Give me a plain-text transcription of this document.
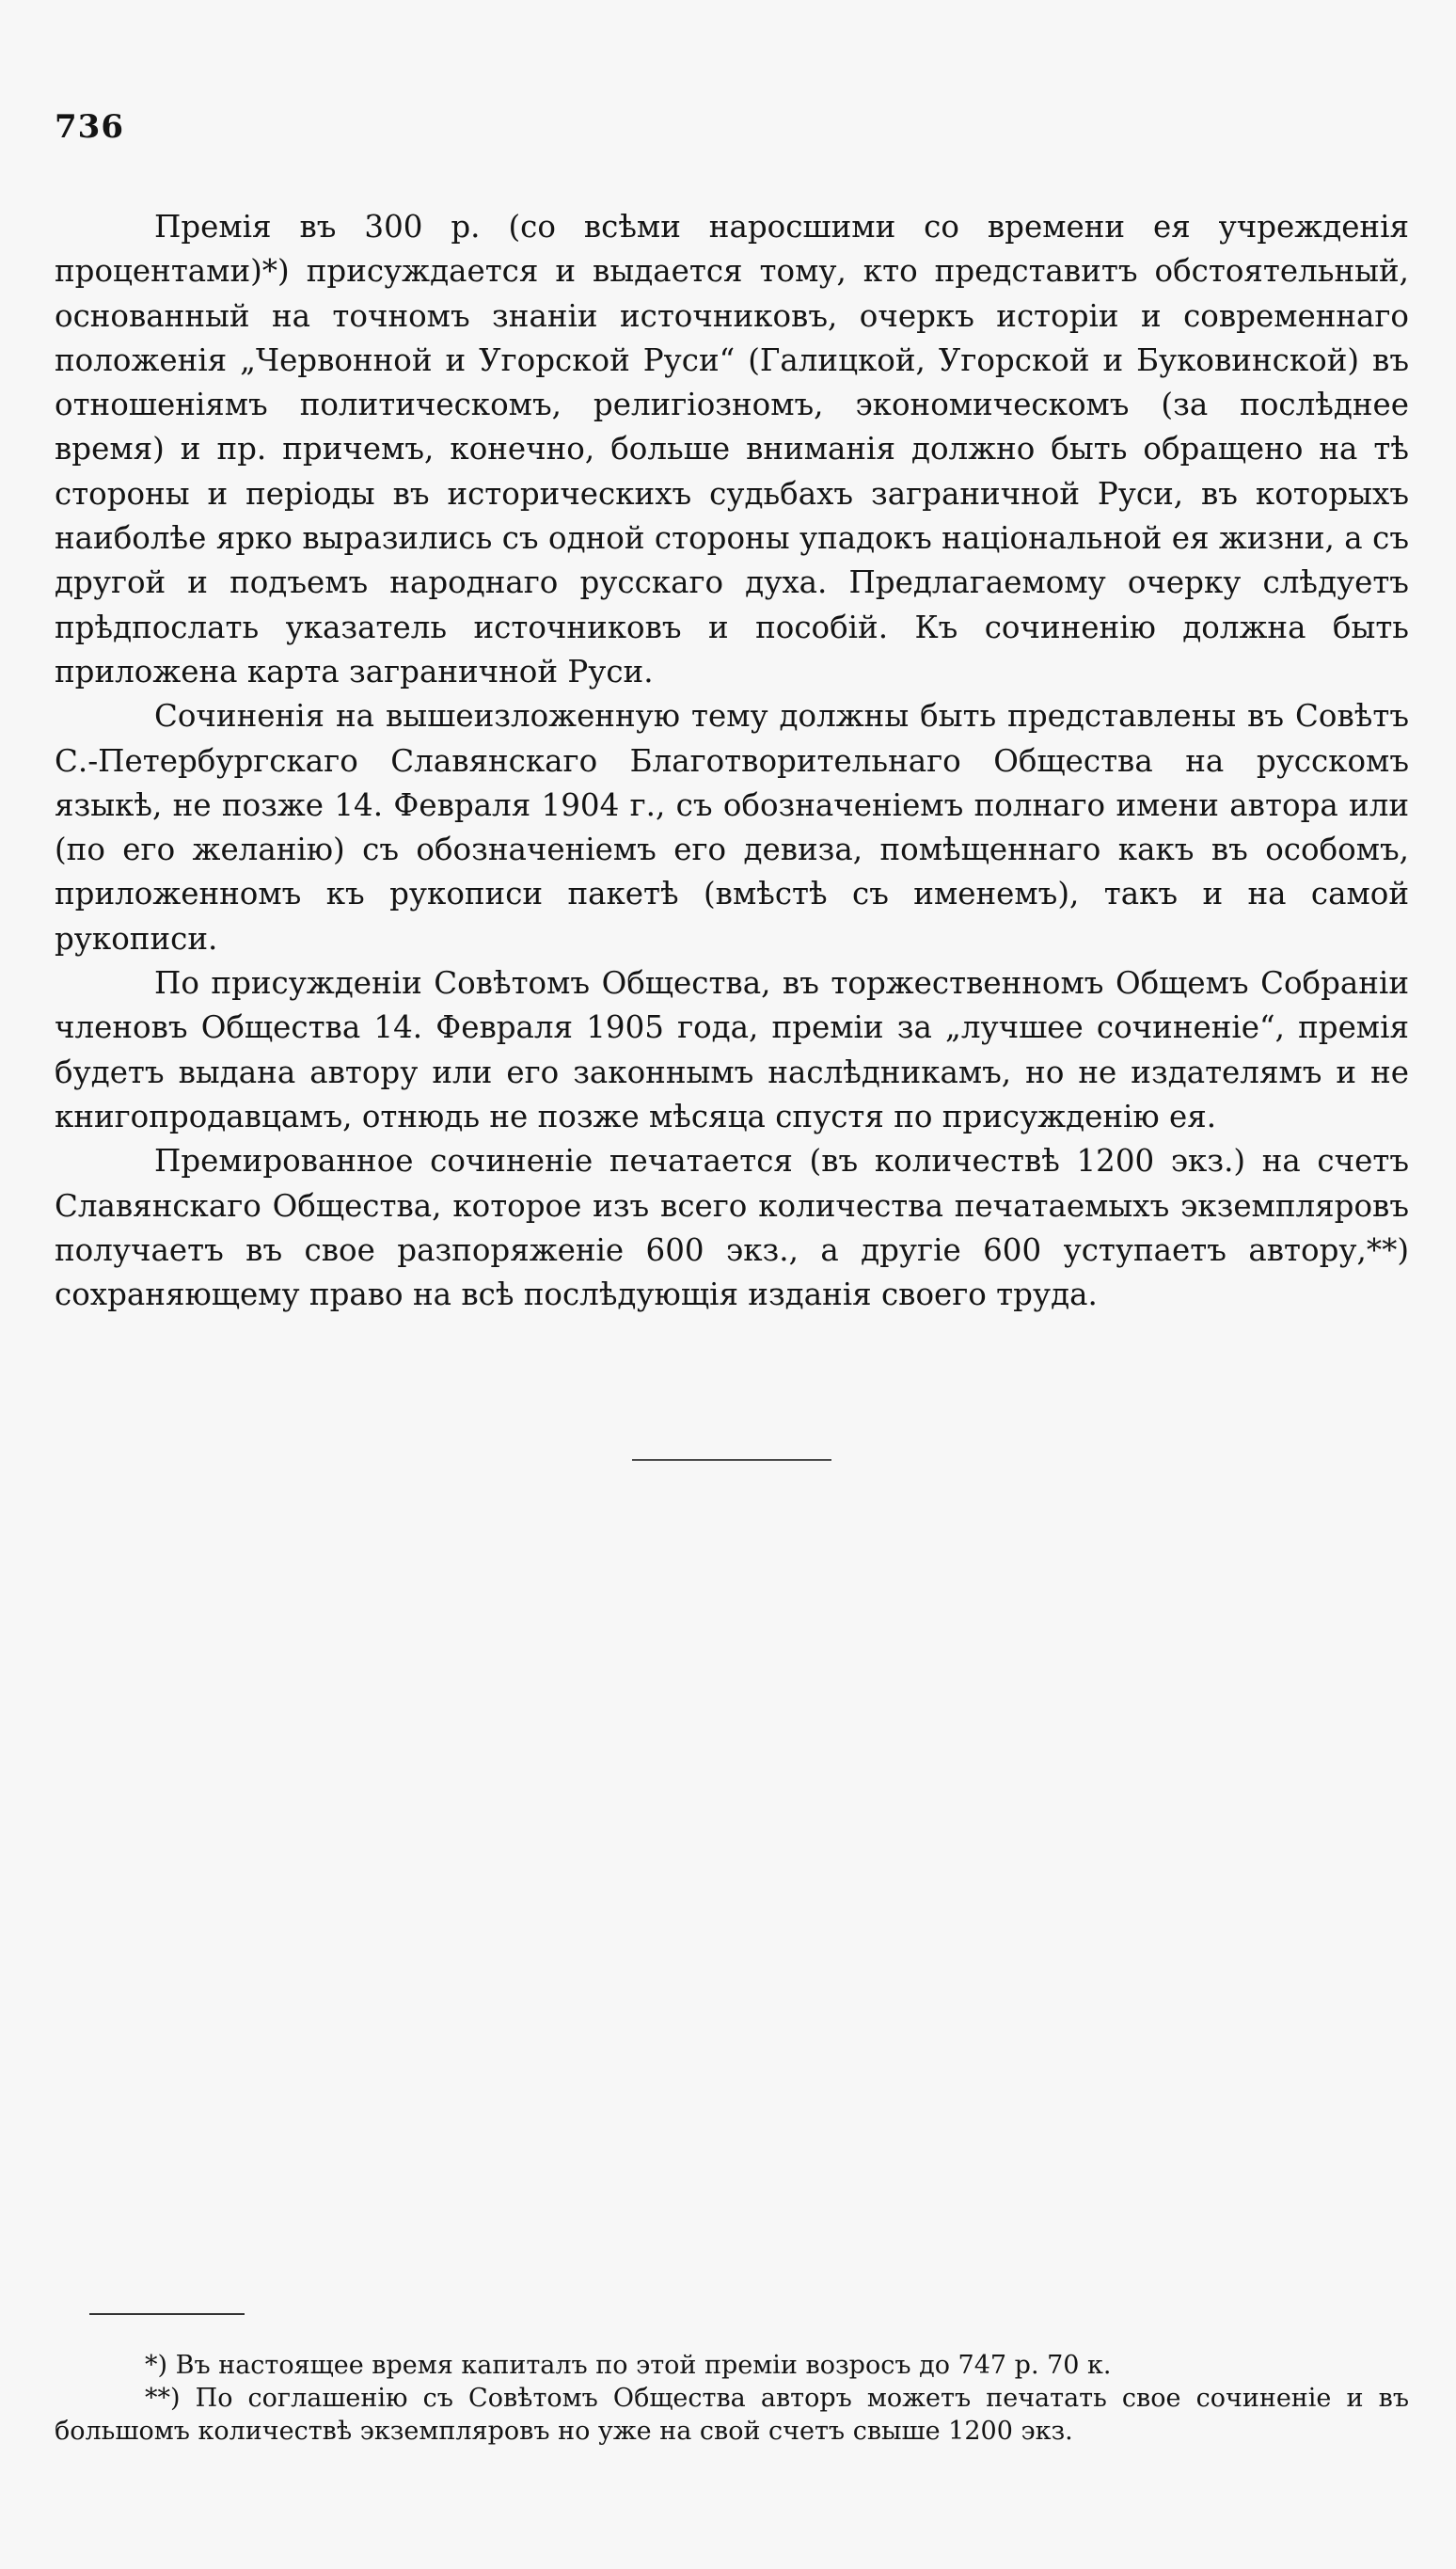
736

Премія въ 300 р. (со всѣми наросшими со времени ея учрежденія процентами)*) присуждается и выдается тому, кто представитъ обстоятельный, основанный на точномъ знаніи источниковъ, очеркъ исторіи и современнаго положенія „Червонной и Угорской Руси“ (Галицкой, Угорской и Буковинской) въ отношеніямъ политическомъ, религіозномъ, экономическомъ (за послѣднее время) и пр. причемъ, конечно, больше вниманія должно быть обращено на тѣ стороны и періоды въ историческихъ судьбахъ заграничной Руси, въ которыхъ наиболѣе ярко выразились съ одной стороны упадокъ національной ея жизни, а съ другой и подъемъ народнаго русскаго духа. Предлагаемому очерку слѣдуетъ прѣдпослать указатель источниковъ и пособій. Къ сочиненію должна быть приложена карта заграничной Руси.

Сочиненія на вышеизложенную тему должны быть представлены въ Совѣтъ С.-Петербургскаго Славянскаго Благотворительнаго Общества на русскомъ языкѣ, не позже 14. Февраля 1904 г., съ обозначеніемъ полнаго имени автора или (по его желанію) съ обозначеніемъ его девиза, помѣщеннаго какъ въ особомъ, приложенномъ къ рукописи пакетѣ (вмѣстѣ съ именемъ), такъ и на самой рукописи.

По присужденіи Совѣтомъ Общества, въ торжественномъ Общемъ Собраніи членовъ Общества 14. Февраля 1905 года, преміи за „лучшее сочиненіе“, премія будетъ выдана автору или его законнымъ наслѣдникамъ, но не издателямъ и не книгопродавцамъ, отнюдь не позже мѣсяца спустя по присужденію ея.

Премированное сочиненіе печатается (въ количествѣ 1200 экз.) на счетъ Славянскаго Общества, которое изъ всего количества печатаемыхъ экземпляровъ получаетъ въ свое разпоряженіе 600 экз., а другіе 600 уступаетъ автору,**) сохраняющему право на всѣ послѣдующія изданія своего труда.

*) Въ настоящее время капиталъ по этой преміи возросъ до 747 р. 70 к.

**) По соглашенію съ Совѣтомъ Общества авторъ можетъ печатать свое сочиненіе и въ большомъ количествѣ экземпляровъ но уже на свой счетъ свыше 1200 экз.
